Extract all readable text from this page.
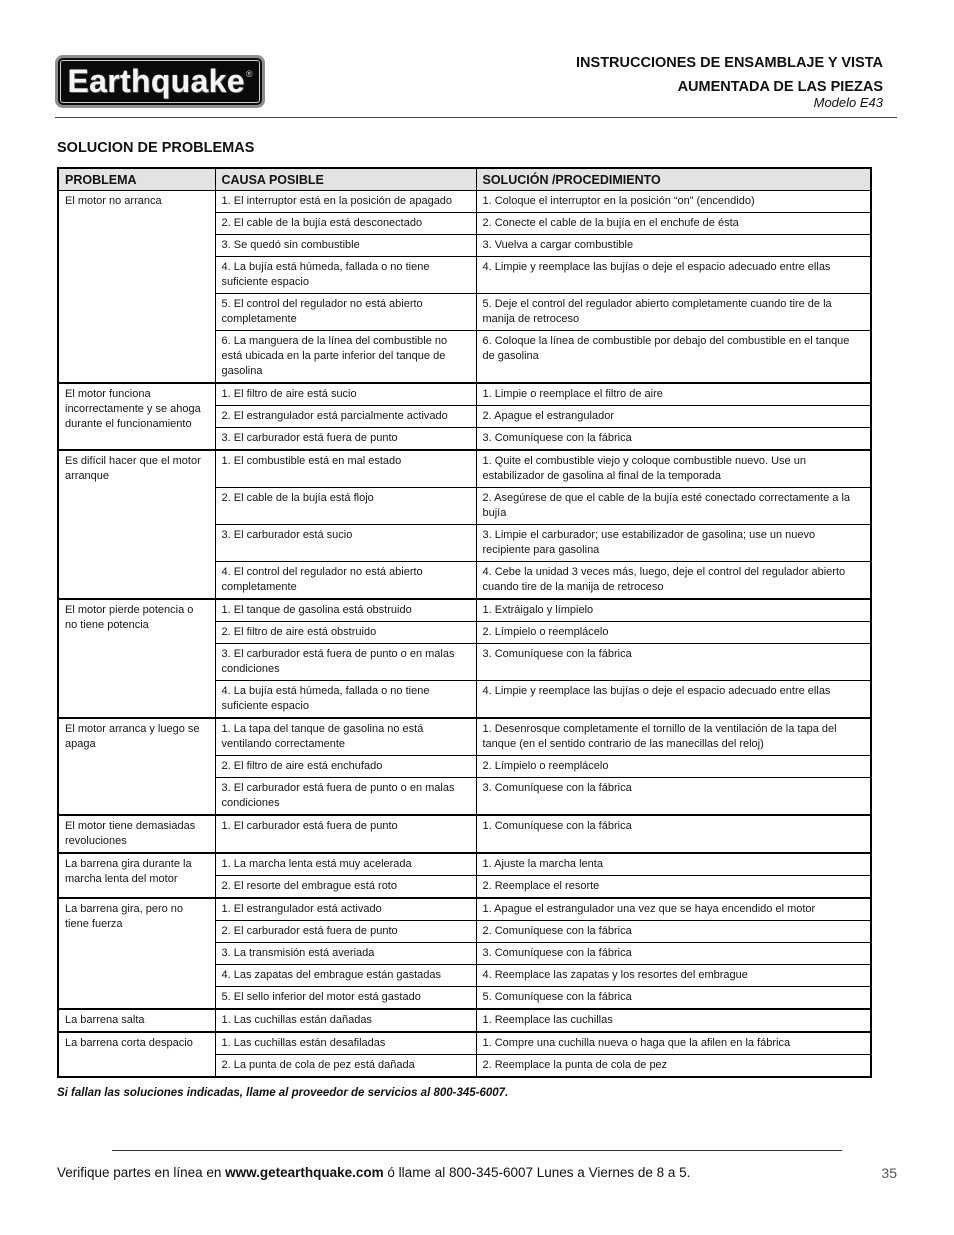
Earthquake ®
INSTRUCCIONES DE ENSAMBLAJE Y VISTA
AUMENTADA DE LAS PIEZAS
Modelo E43
SOLUCION DE PROBLEMAS
PROBLEMA	CAUSA POSIBLE	SOLUCIÓN /PROCEDIMIENTO
El motor no arranca	1. El interruptor está en la posición de apagado	1. Coloque el interruptor en la posición “on” (encendido)
	2. El cable de la bujía está desconectado	2. Conecte el cable de la bujía en el enchufe de ésta
	3. Se quedó sin combustible	3. Vuelva a cargar combustible
	4. La bujía está húmeda, fallada o no tiene suficiente espacio	4. Limpie y reemplace las bujías o deje el espacio adecuado entre ellas
	5. El control del regulador no está abierto completamente	5. Deje el control del regulador abierto completamente cuando tire de la manija de retroceso
	6. La manguera de la línea del combustible no está ubicada en la parte inferior del tanque de gasolina	6. Coloque la línea de combustible por debajo del combustible en el tanque de gasolina
El motor funciona incorrectamente y se ahoga durante el funcionamiento	1. El filtro de aire está sucio	1. Limpie o reemplace el filtro de aire
	2. El estrangulador está parcialmente activado	2. Apague el estrangulador
	3. El carburador está fuera de punto	3. Comuníquese con la fábrica
Es difícil hacer que el motor arranque	1. El combustible está en mal estado	1. Quite el combustible viejo y coloque combustible nuevo. Use un estabilizador de gasolina al final de la temporada
	2. El cable de la bujía está flojo	2. Asegúrese de que el cable de la bujía esté conectado correctamente a la bujía
	3. El carburador está sucio	3. Limpie el carburador; use estabilizador de gasolina; use un nuevo recipiente para gasolina
	4. El control del regulador no está abierto completamente	4. Cebe la unidad 3 veces más, luego, deje el control del regulador abierto cuando tire de la manija de retroceso
El motor pierde potencia o no tiene potencia	1. El tanque de gasolina está obstruido	1. Extráigalo y límpielo
	2. El filtro de aire está obstruido	2. Límpielo o reemplácelo
	3. El carburador está fuera de punto o en malas condiciones	3. Comuníquese con la fábrica
	4. La bujía está húmeda, fallada o no tiene suficiente espacio	4. Limpie y reemplace las bujías o deje el espacio adecuado entre ellas
El motor arranca y luego se apaga	1. La tapa del tanque de gasolina no está ventilando correctamente	1. Desenrosque completamente el tornillo de la ventilación de la tapa del tanque (en el sentido contrario de las manecillas del reloj)
	2. El filtro de aire está enchufado	2. Límpielo o reemplácelo
	3. El carburador está fuera de punto o en malas condiciones	3. Comuníquese con la fábrica
El motor tiene demasiadas revoluciones	1. El carburador está fuera de punto	1. Comuníquese con la fábrica
La barrena gira durante la marcha lenta del motor	1. La marcha lenta está muy acelerada	1. Ajuste la marcha lenta
	2. El resorte del embrague está roto	2. Reemplace el resorte
La barrena gira, pero no tiene fuerza	1. El estrangulador está activado	1. Apague el estrangulador una vez que se haya encendido el motor
	2. El carburador está fuera de punto	2. Comuníquese con la fábrica
	3. La transmisión está averiada	3. Comuníquese con la fábrica
	4. Las zapatas del embrague están gastadas	4. Reemplace las zapatas y los resortes del embrague
	5. El sello inferior del motor está gastado	5. Comuníquese con la fábrica
La barrena salta	1. Las cuchillas están dañadas	1. Reemplace las cuchillas
La barrena corta despacio	1. Las cuchillas están desafiladas	1. Compre una cuchilla nueva o haga que la afilen en la fábrica
	2. La punta de cola de pez está dañada	2. Reemplace la punta de cola de pez
Si fallan las soluciones indicadas, llame al proveedor de servicios al 800-345-6007.
Verifique partes en línea en www.getearthquake.com ó llame al 800-345-6007 Lunes a Viernes de 8 a 5.	35
